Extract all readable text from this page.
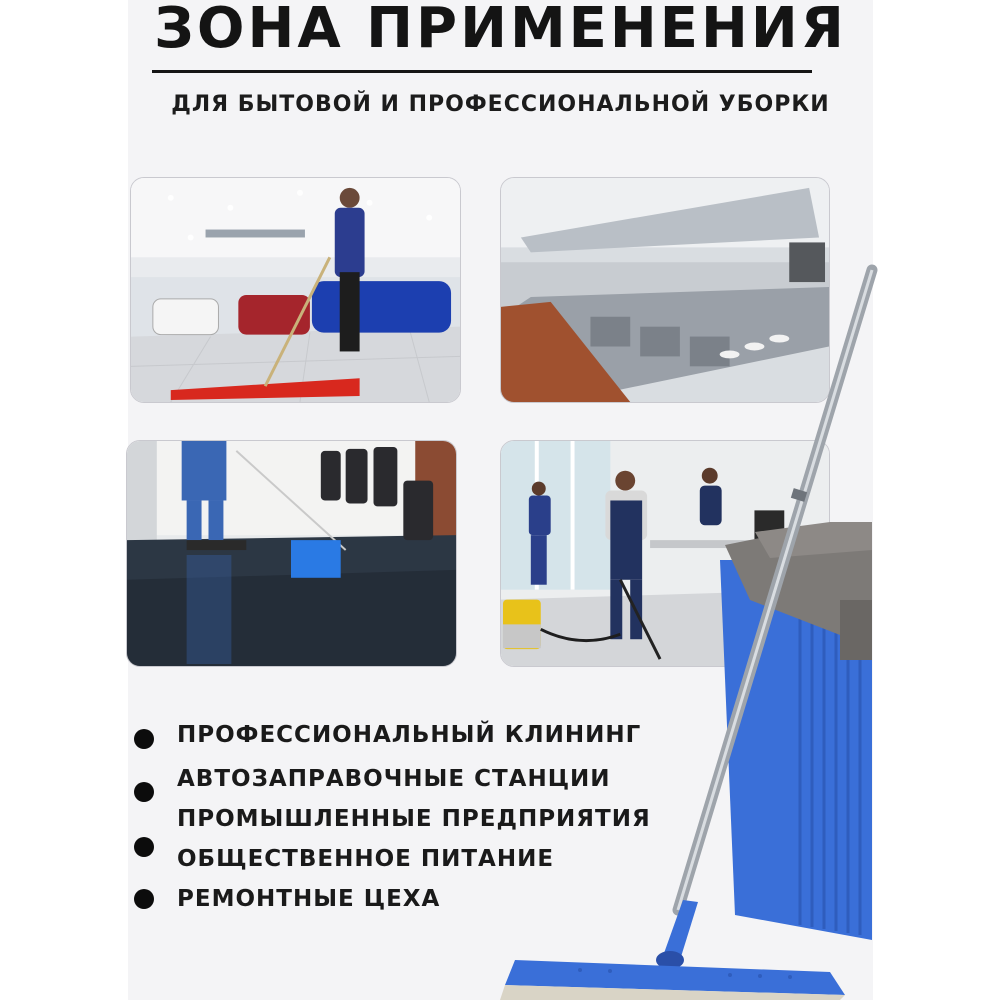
ЗОНА ПРИМЕНЕНИЯ
ДЛЯ БЫТОВОЙ И ПРОФЕССИОНАЛЬНОЙ УБОРКИ
ПРОФЕССИОНАЛЬНЫЙ КЛИНИНГ
АВТОЗАПРАВОЧНЫЕ СТАНЦИИ
ПРОМЫШЛЕННЫЕ ПРЕДПРИЯТИЯ
ОБЩЕСТВЕННОЕ ПИТАНИЕ
РЕМОНТНЫЕ ЦЕХА
